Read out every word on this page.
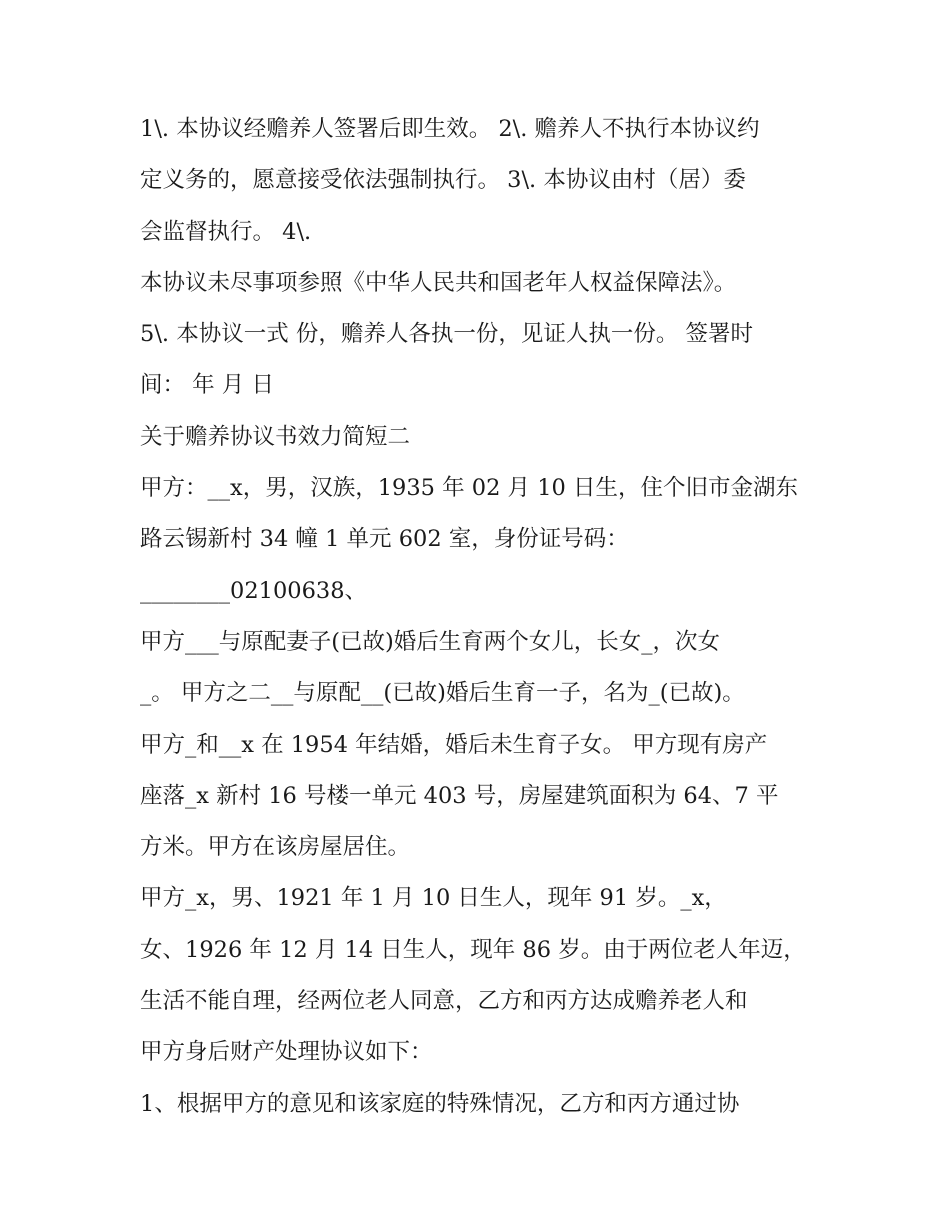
1\. 本协议经赡养人签署后即生效。 2\. 赡养人不执行本协议约
定义务的，愿意接受依法强制执行。 3\. 本协议由村（居）委
会监督执行。 4\.
本协议未尽事项参照《中华人民共和国老年人权益保障法》。
5\. 本协议一式 份，赡养人各执一份，见证人执一份。 签署时
间： 年 月 日
关于赡养协议书效力简短二
甲方：__x，男，汉族，1935 年 02 月 10 日生，住个旧市金湖东
路云锡新村 34 幢 1 单元 602 室，身份证号码：
________02100638、
甲方___与原配妻子(已故)婚后生育两个女儿，长女_，次女
_。 甲方之二__与原配__(已故)婚后生育一子，名为_(已故)。
甲方_和__x 在 1954 年结婚，婚后未生育子女。 甲方现有房产
座落_x 新村 16 号楼一单元 403 号，房屋建筑面积为 64、7 平
方米。甲方在该房屋居住。
甲方_x，男、1921 年 1 月 10 日生人，现年 91 岁。_x，
女、1926 年 12 月 14 日生人，现年 86 岁。由于两位老人年迈，
生活不能自理，经两位老人同意，乙方和丙方达成赡养老人和
甲方身后财产处理协议如下：
1、根据甲方的意见和该家庭的特殊情况，乙方和丙方通过协
